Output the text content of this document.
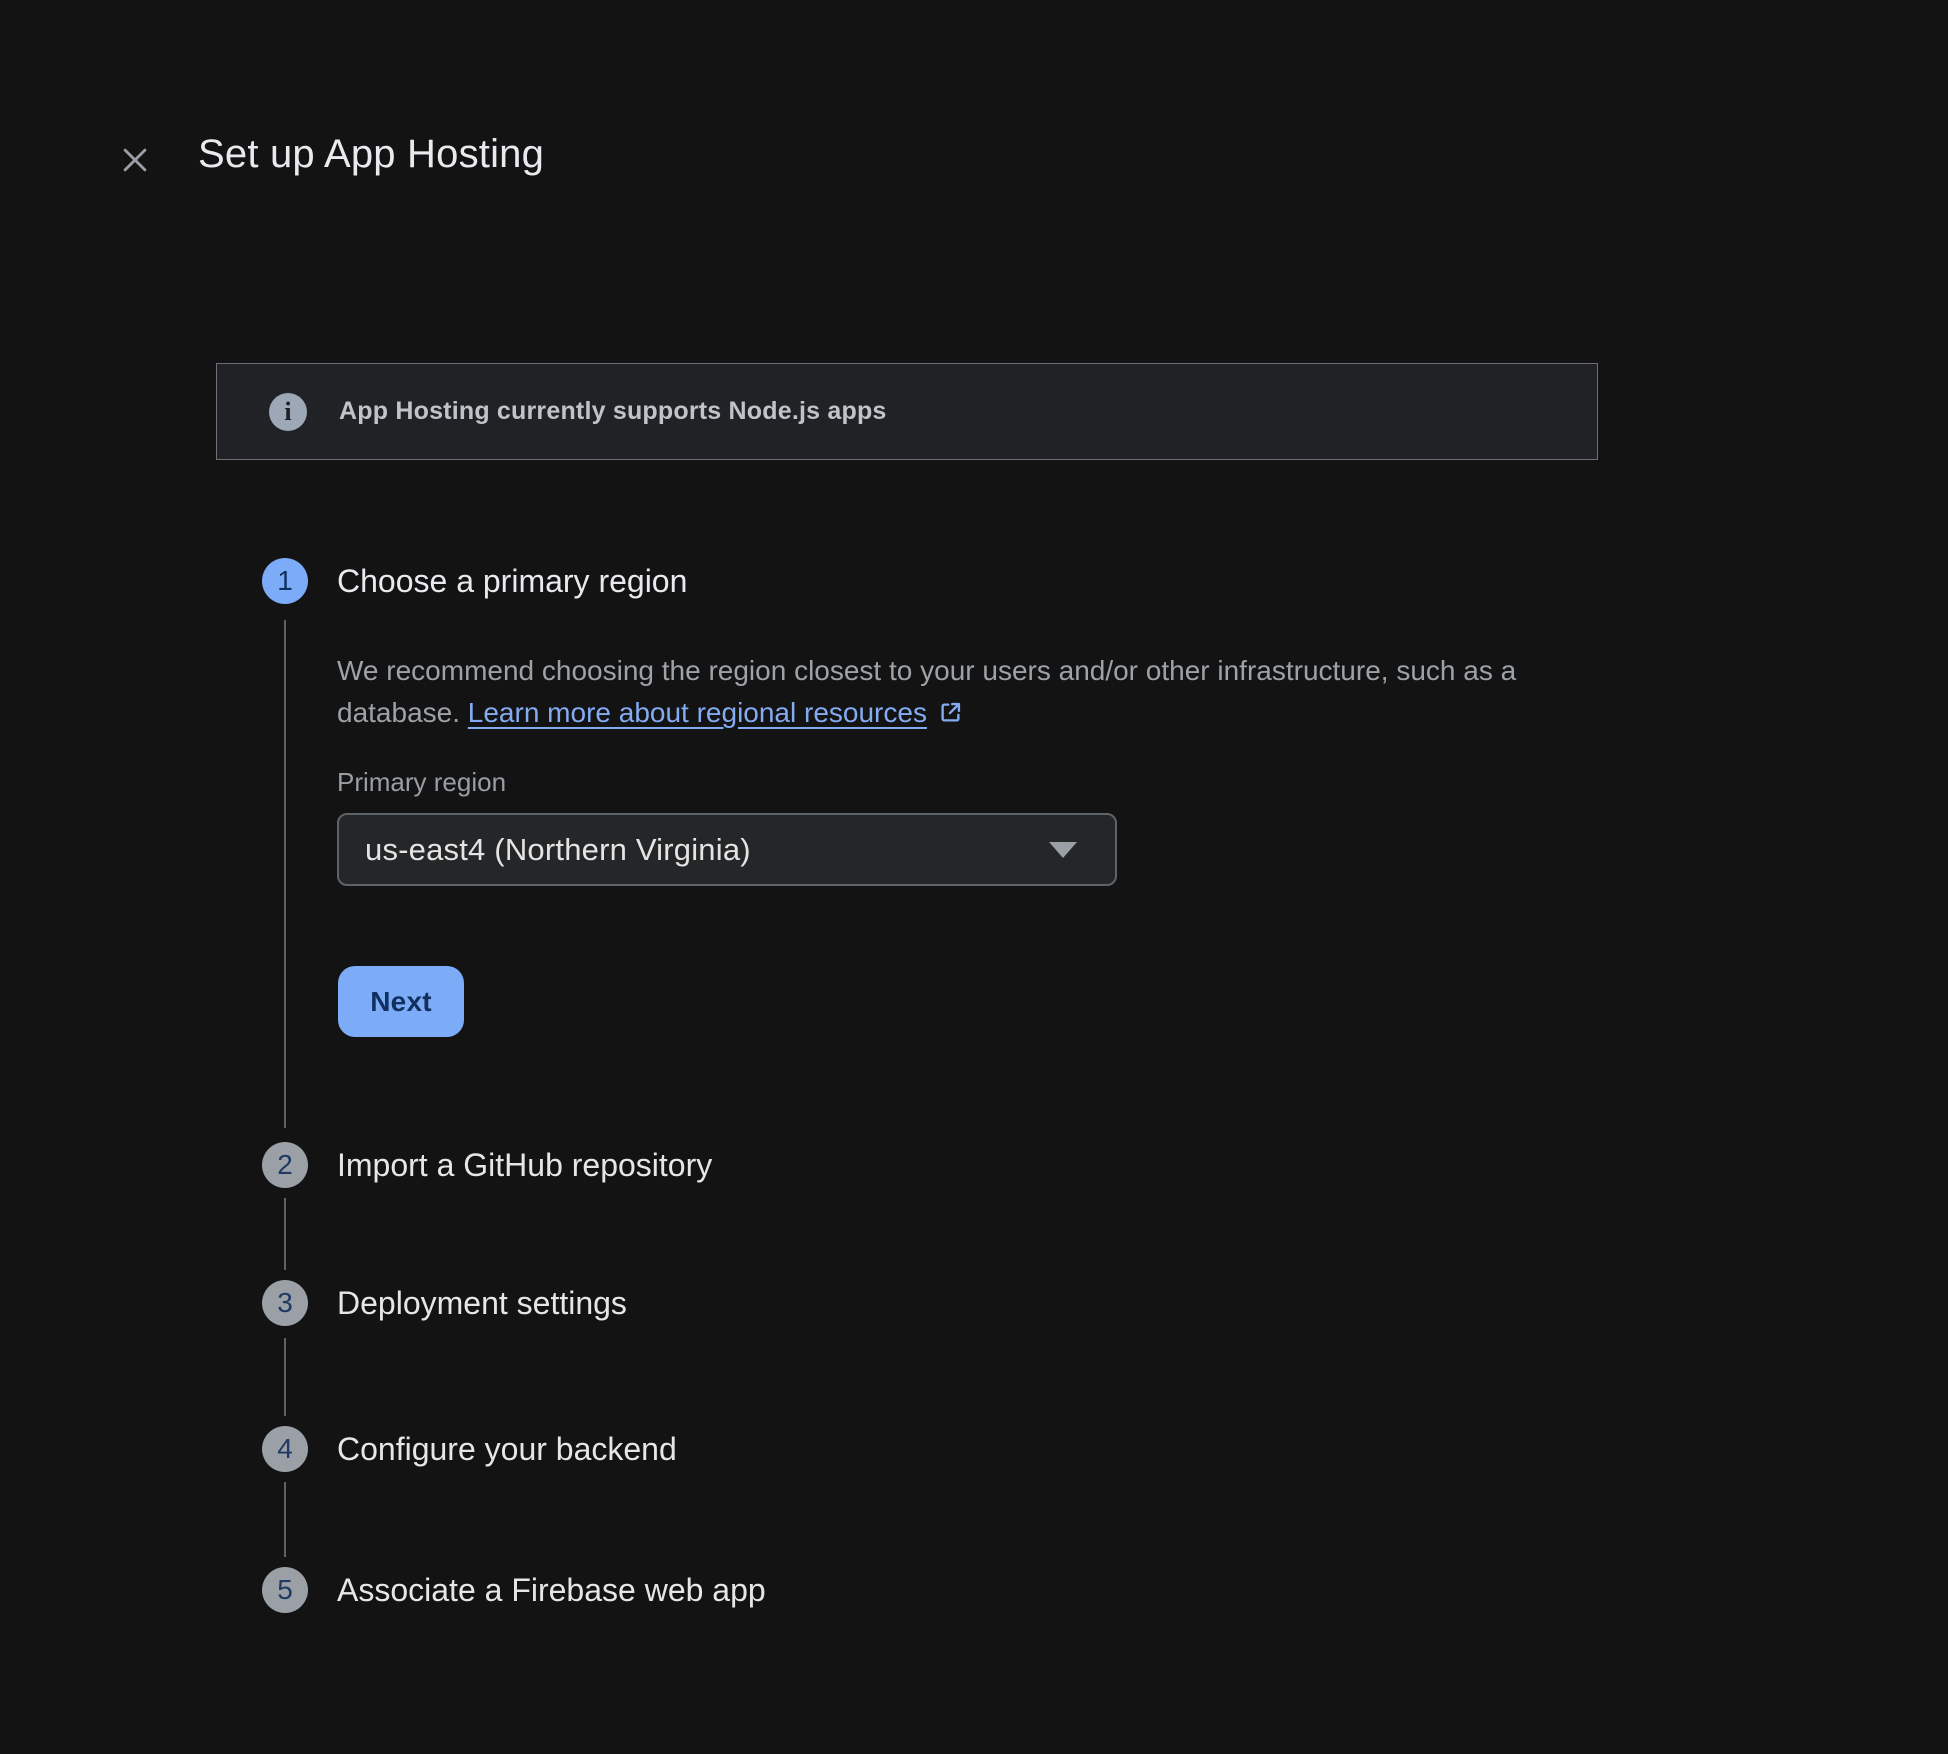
Set up App Hosting
i	App Hosting currently supports Node.js apps
1	Choose a primary region

We recommend choosing the region closest to your users and/or other infrastructure, such as a database. Learn more about regional resources

Primary region
us-east4 (Northern Virginia)
Next
2	Import a GitHub repository
3	Deployment settings
4	Configure your backend
5	Associate a Firebase web app
